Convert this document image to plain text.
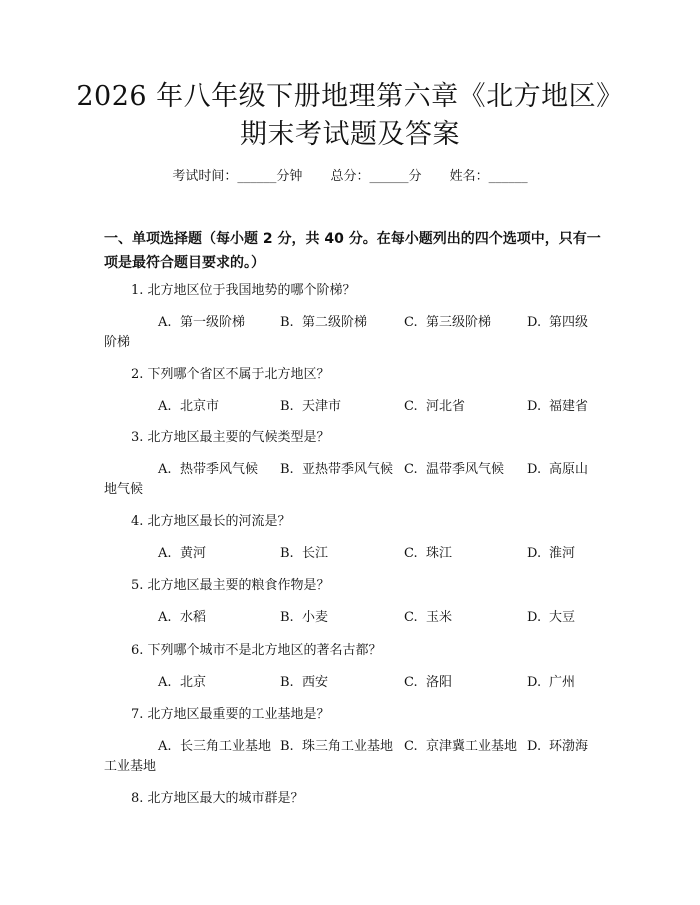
2026 年八年级下册地理第六章《北方地区》
期末考试题及答案
考试时间：______分钟 总分：______分 姓名：______
一、单项选择题（每小题 2 分，共 40 分。在每小题列出的四个选项中，只有一项是最符合题目要求的。）
1. 北方地区位于我国地势的哪个阶梯？
A. 第一级阶梯	B. 第二级阶梯	C. 第三级阶梯	D. 第四级
阶梯
2. 下列哪个省区不属于北方地区？
A. 北京市	B. 天津市	C. 河北省	D. 福建省
3. 北方地区最主要的气候类型是？
A. 热带季风气候 B. 亚热带季风气候 C. 温带季风气候 D. 高原山
地气候
4. 北方地区最长的河流是？
A. 黄河	B. 长江	C. 珠江	D. 淮河
5. 北方地区最主要的粮食作物是？
A. 水稻	B. 小麦	C. 玉米	D. 大豆
6. 下列哪个城市不是北方地区的著名古都？
A. 北京	B. 西安	C. 洛阳	D. 广州
7. 北方地区最重要的工业基地是？
A. 长三角工业基地 B. 珠三角工业基地 C. 京津冀工业基地 D. 环渤海
工业基地
8. 北方地区最大的城市群是？
